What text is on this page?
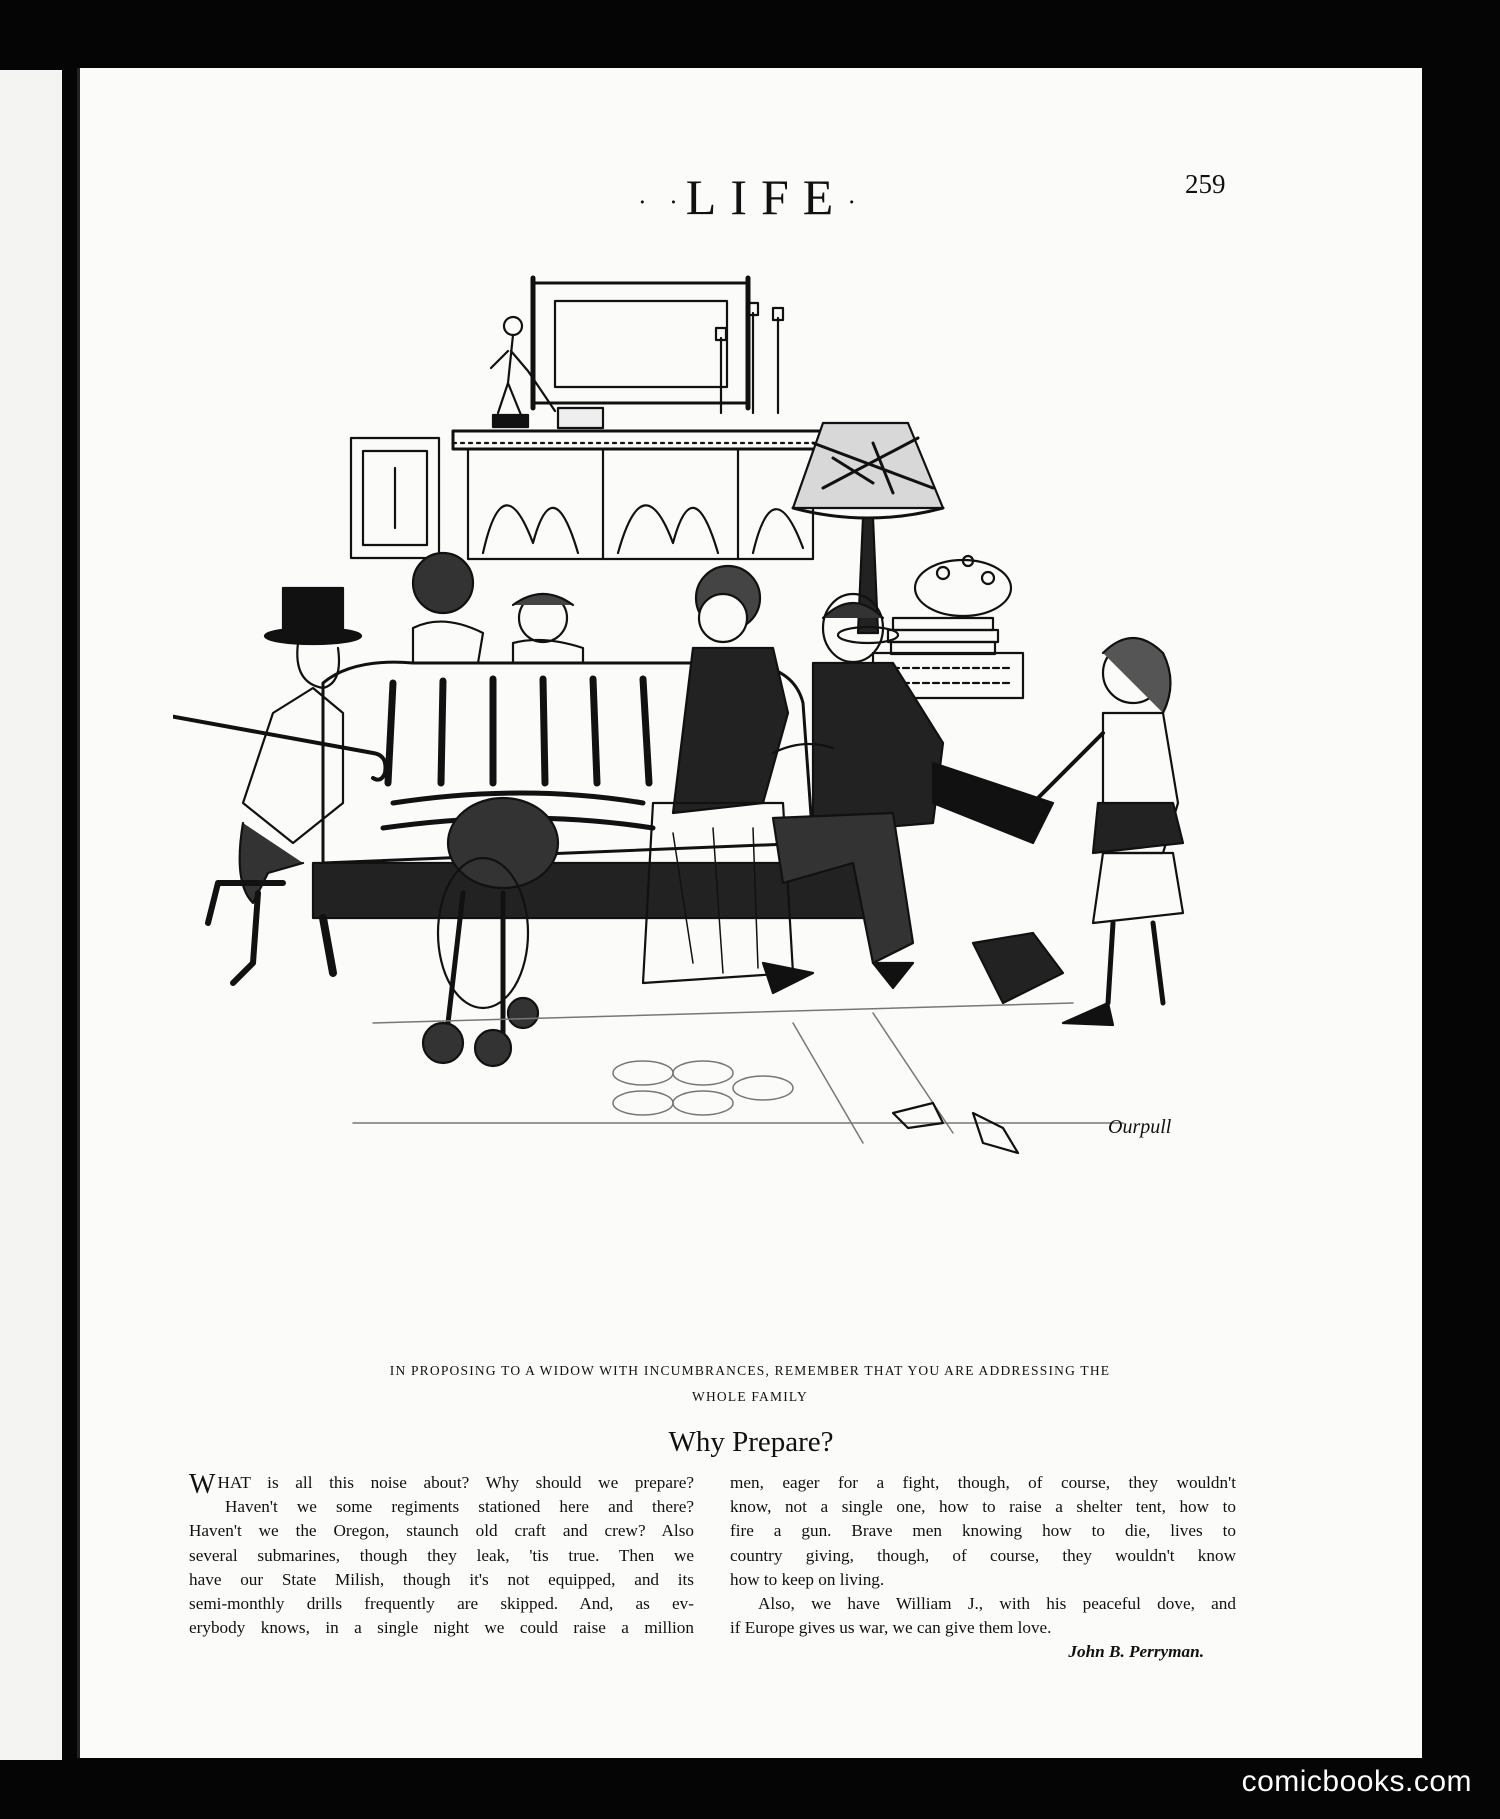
· ·LIFE·
259
Ourpull
IN PROPOSING TO A WIDOW WITH INCUMBRANCES, REMEMBER THAT YOU ARE ADDRESSING THE
WHOLE FAMILY
Why Prepare?
W HAT is all this noise about? Why should we prepare?
Haven't we some regiments stationed here and there?
Haven't we the Oregon, staunch old craft and crew? Also
several submarines, though they leak, 'tis true. Then we
have our State Milish, though it's not equipped, and its
semi-monthly drills frequently are skipped. And, as ev-
erybody knows, in a single night we could raise a million
men, eager for a fight, though, of course, they wouldn't
know, not a single one, how to raise a shelter tent, how to
fire a gun. Brave men knowing how to die, lives to
country giving, though, of course, they wouldn't know
how to keep on living.
Also, we have William J., with his peaceful dove, and
if Europe gives us war, we can give them love.
John B. Perryman.
comicbooks.com
